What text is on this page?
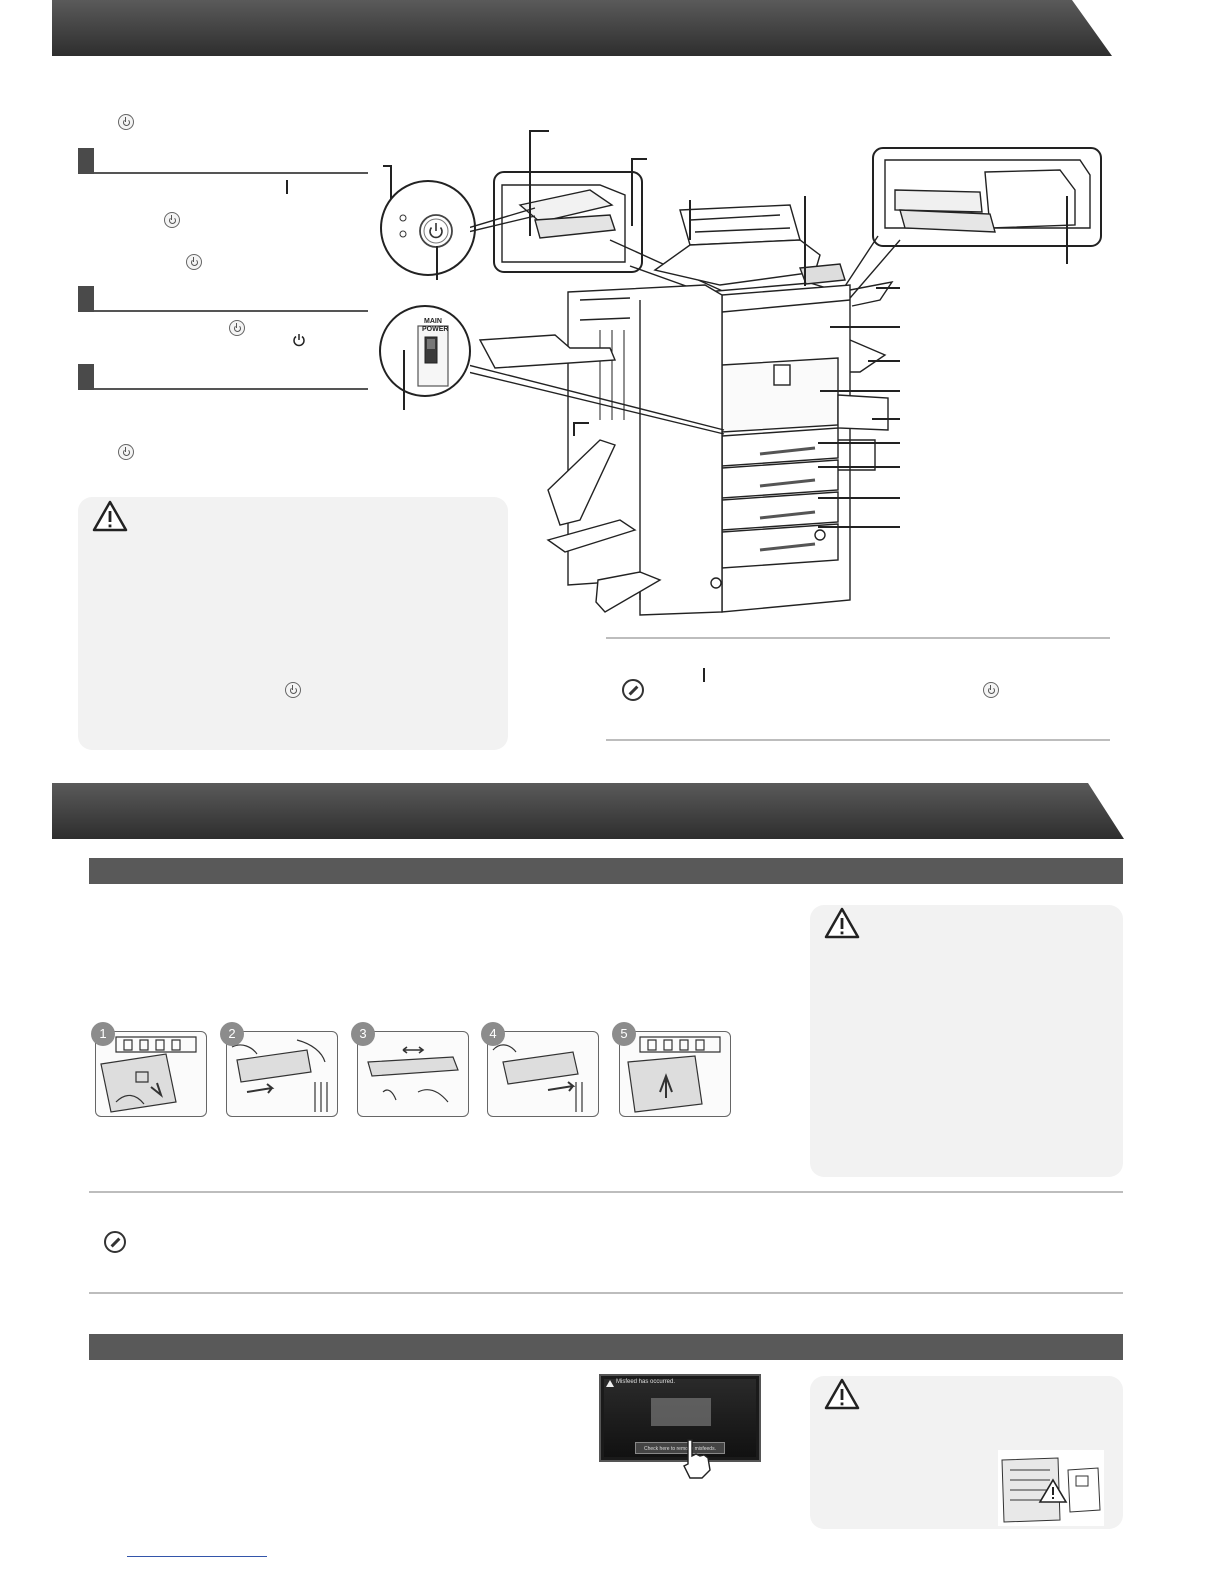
MAIN
POWER
1	2	3	4	5
Misfeed has occurred.
Check here to remove misfeeds.
